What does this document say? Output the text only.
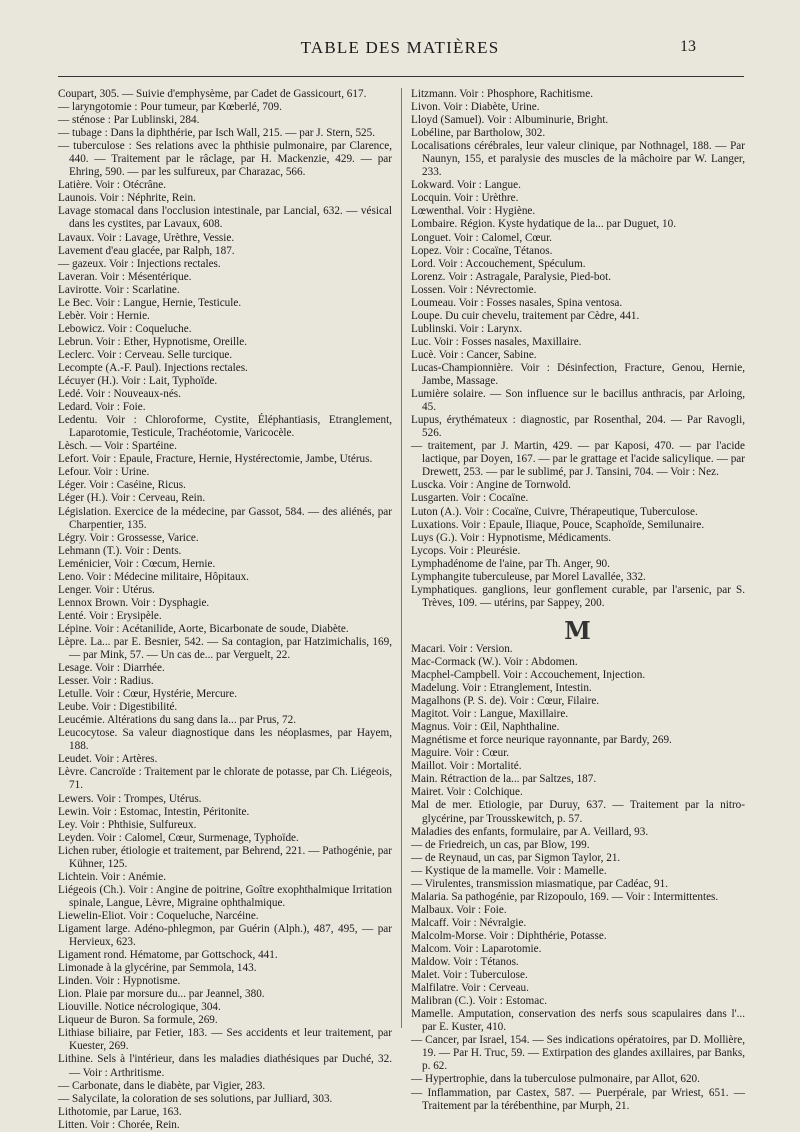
TABLE DES MATIÈRES	13

Coupart, 305. — Suivie d'emphysème, par Cadet de Gassicourt, 617.

— laryngotomie : Pour tumeur, par Kœberlé, 709.

— sténose : Par Lublinski, 284.

— tubage : Dans la diphthérie, par Isch Wall, 215. — par J. Stern, 525.

— tuberculose : Ses relations avec la phthisie pulmonaire, par Clarence, 440. — Traitement par le râclage, par H. Mackenzie, 429. — par Ehring, 590. — par les sulfureux, par Charazac, 566.

Latière. Voir : Otécrâne.

Launois. Voir : Néphrite, Rein.

Lavage stomacal dans l'occlusion intestinale, par Lancial, 632. — vésical dans les cystites, par Lavaux, 608.

Lavaux. Voir : Lavage, Urèthre, Vessie.

Lavement d'eau glacée, par Ralph, 187.

— gazeux. Voir : Injections rectales.

Laveran. Voir : Mésentérique.

Lavirotte. Voir : Scarlatine.

Le Bec. Voir : Langue, Hernie, Testicule.

Lebèr. Voir : Hernie.

Lebowicz. Voir : Coqueluche.

Lebrun. Voir : Ether, Hypnotisme, Oreille.

Leclerc. Voir : Cerveau. Selle turcique.

Lecompte (A.-F. Paul). Injections rectales.

Lécuyer (H.). Voir : Lait, Typhoïde.

Ledé. Voir : Nouveaux-nés.

Ledard. Voir : Foie.

Ledentu. Voir : Chloroforme, Cystite, Éléphantiasis, Etranglement, Laparotomie, Testicule, Trachéotomie, Varicocèle.

Lèsch. — Voir : Spartéine.

Lefort. Voir : Epaule, Fracture, Hernie, Hystérectomie, Jambe, Utérus.

Lefour. Voir : Urine.

Léger. Voir : Caséine, Ricus.

Léger (H.). Voir : Cerveau, Rein.

Législation. Exercice de la médecine, par Gassot, 584. — des aliénés, par Charpentier, 135.

Légry. Voir : Grossesse, Varice.

Lehmann (T.). Voir : Dents.

Leménicier, Voir : Cœcum, Hernie.

Leno. Voir : Médecine militaire, Hôpitaux.

Lenger. Voir : Utérus.

Lennox Brown. Voir : Dysphagie.

Lenté. Voir : Erysipèle.

Lépine. Voir : Acétanilide, Aorte, Bicarbonate de soude, Diabète.

Lèpre. La... par E. Besnier, 542. — Sa contagion, par Hatzimichalis, 169, — par Mink, 57. — Un cas de... par Verguelt, 22.

Lesage. Voir : Diarrhée.

Lesser. Voir : Radius.

Letulle. Voir : Cœur, Hystérie, Mercure.

Leube. Voir : Digestibilité.

Leucémie. Altérations du sang dans la... par Prus, 72.

Leucocytose. Sa valeur diagnostique dans les néoplasmes, par Hayem, 188.

Leudet. Voir : Artères.

Lèvre. Cancroïde : Traitement par le chlorate de potasse, par Ch. Liégeois, 71.

Lewers. Voir : Trompes, Utérus.

Lewin. Voir : Estomac, Intestin, Péritonite.

Ley. Voir : Phthisie, Sulfureux.

Leyden. Voir : Calomel, Cœur, Surmenage, Typhoïde.

Lichen ruber, étiologie et traitement, par Behrend, 221. — Pathogénie, par Kühner, 125.

Lichtein. Voir : Anémie.

Liégeois (Ch.). Voir : Angine de poitrine, Goître exophthalmique Irritation spinale, Langue, Lèvre, Migraine ophthalmique.

Liewelin-Eliot. Voir : Coqueluche, Narcéine.

Ligament large. Adéno-phlegmon, par Guérin (Alph.), 487, 495, — par Hervieux, 623.

Ligament rond. Hématome, par Gottschock, 441.

Limonade à la glycérine, par Semmola, 143.

Linden. Voir : Hypnotisme.

Lion. Plaie par morsure du... par Jeannel, 380.

Liouville. Notice nécrologique, 304.

Liqueur de Buron. Sa formule, 269.

Lithiase biliaire, par Fetier, 183. — Ses accidents et leur traitement, par Kuester, 269.

Lithine. Sels à l'intérieur, dans les maladies diathésiques par Duché, 32. — Voir : Arthritisme.

— Carbonate, dans le diabète, par Vigier, 283.

— Salycilate, la coloration de ses solutions, par Julliard, 303.

Lithotomie, par Larue, 163.

Litten. Voir : Chorée, Rein.

Litzmann. Voir : Phosphore, Rachitisme.

Livon. Voir : Diabète, Urine.

Lloyd (Samuel). Voir : Albuminurie, Bright.

Lobéline, par Bartholow, 302.

Localisations cérébrales, leur valeur clinique, par Nothnagel, 188. — Par Naunyn, 155, et paralysie des muscles de la mâchoire par W. Langer, 233.

Lokward. Voir : Langue.

Locquin. Voir : Urèthre.

Lœwenthal. Voir : Hygiène.

Lombaire. Région. Kyste hydatique de la... par Duguet, 10.

Longuet. Voir : Calomel, Cœur.

Lopez. Voir : Cocaïne, Tétanos.

Lord. Voir : Accouchement, Spéculum.

Lorenz. Voir : Astragale, Paralysie, Pied-bot.

Lossen. Voir : Névrectomie.

Loumeau. Voir : Fosses nasales, Spina ventosa.

Loupe. Du cuir chevelu, traitement par Cèdre, 441.

Lublinski. Voir : Larynx.

Luc. Voir : Fosses nasales, Maxillaire.

Lucè. Voir : Cancer, Sabine.

Lucas-Championnière. Voir : Désinfection, Fracture, Genou, Hernie, Jambe, Massage.

Lumière solaire. — Son influence sur le bacillus anthracis, par Arloing, 45.

Lupus, érythémateux : diagnostic, par Rosenthal, 204. — Par Ravogli, 526.

— traitement, par J. Martin, 429. — par Kaposi, 470. — par l'acide lactique, par Doyen, 167. — par le grattage et l'acide salicylique. — par Drewett, 253. — par le sublimé, par J. Tansini, 704. — Voir : Nez.

Luscka. Voir : Angine de Tornwold.

Lusgarten. Voir : Cocaïne.

Luton (A.). Voir : Cocaïne, Cuivre, Thérapeutique, Tuberculose.

Luxations. Voir : Epaule, Iliaque, Pouce, Scaphoïde, Semilunaire.

Luys (G.). Voir : Hypnotisme, Médicaments.

Lycops. Voir : Pleurésie.

Lymphadénome de l'aine, par Th. Anger, 90.

Lymphangite tuberculeuse, par Morel Lavallée, 332.

Lymphatiques. ganglions, leur gonflement curable, par l'arsenic, par S. Trèves, 109. — utérins, par Sappey, 200.

M

Macari. Voir : Version.

Mac-Cormack (W.). Voir : Abdomen.

Macphel-Campbell. Voir : Accouchement, Injection.

Madelung. Voir : Etranglement, Intestin.

Magalhons (P. S. de). Voir : Cœur, Filaire.

Magitot. Voir : Langue, Maxillaire.

Magnus. Voir : Œil, Naphthaline.

Magnétisme et force neurique rayonnante, par Bardy, 269.

Maguire. Voir : Cœur.

Maillot. Voir : Mortalité.

Main. Rétraction de la... par Saltzes, 187.

Mairet. Voir : Colchique.

Mal de mer. Etiologie, par Duruy, 637. — Traitement par la nitro-glycérine, par Trousskewitch, p. 57.

Maladies des enfants, formulaire, par A. Veillard, 93.

— de Friedreich, un cas, par Blow, 199.

— de Reynaud, un cas, par Sigmon Taylor, 21.

— Kystique de la mamelle. Voir : Mamelle.

— Virulentes, transmission miasmatique, par Cadéac, 91.

Malaria. Sa pathogénie, par Rizopoulo, 169. — Voir : Intermittentes.

Malbaux. Voir : Foie.

Malcaff. Voir : Névralgie.

Malcolm-Morse. Voir : Diphthérie, Potasse.

Malcom. Voir : Laparotomie.

Maldow. Voir : Tétanos.

Malet. Voir : Tuberculose.

Malfilatre. Voir : Cerveau.

Malibran (C.). Voir : Estomac.

Mamelle. Amputation, conservation des nerfs sous scapulaires dans l'... par E. Kuster, 410.

— Cancer, par Israel, 154. — Ses indications opératoires, par D. Mollière, 19. — Par H. Truc, 59. — Extirpation des glandes axillaires, par Banks, p. 62.

— Hypertrophie, dans la tuberculose pulmonaire, par Allot, 620.

— Inflammation, par Castex, 587. — Puerpérale, par Wriest, 651. — Traitement par la térébenthine, par Murph, 21.
